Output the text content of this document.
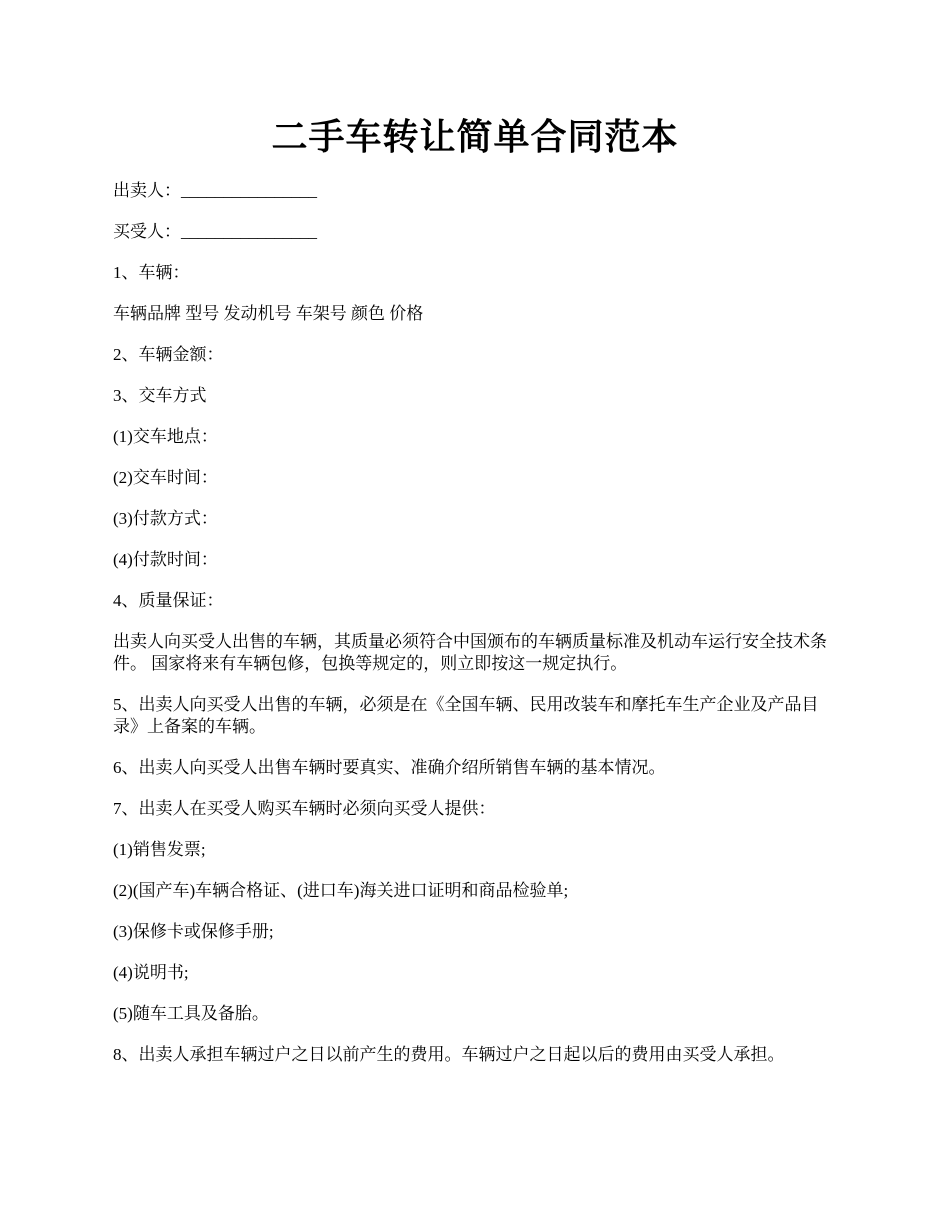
二手车转让简单合同范本
出卖人：________________
买受人：________________
1、车辆：
车辆品牌 型号 发动机号 车架号 颜色 价格
2、车辆金额：
3、交车方式
(1)交车地点：
(2)交车时间：
(3)付款方式：
(4)付款时间：
4、质量保证：
出卖人向买受人出售的车辆，其质量必须符合中国颁布的车辆质量标准及机动车运行安全技术条件。 国家将来有车辆包修，包换等规定的，则立即按这一规定执行。
5、出卖人向买受人出售的车辆，必须是在《全国车辆、民用改装车和摩托车生产企业及产品目录》上备案的车辆。
6、出卖人向买受人出售车辆时要真实、准确介绍所销售车辆的基本情况。
7、出卖人在买受人购买车辆时必须向买受人提供：
(1)销售发票;
(2)(国产车)车辆合格证、(进口车)海关进口证明和商品检验单;
(3)保修卡或保修手册;
(4)说明书;
(5)随车工具及备胎。
8、出卖人承担车辆过户之日以前产生的费用。车辆过户之日起以后的费用由买受人承担。
